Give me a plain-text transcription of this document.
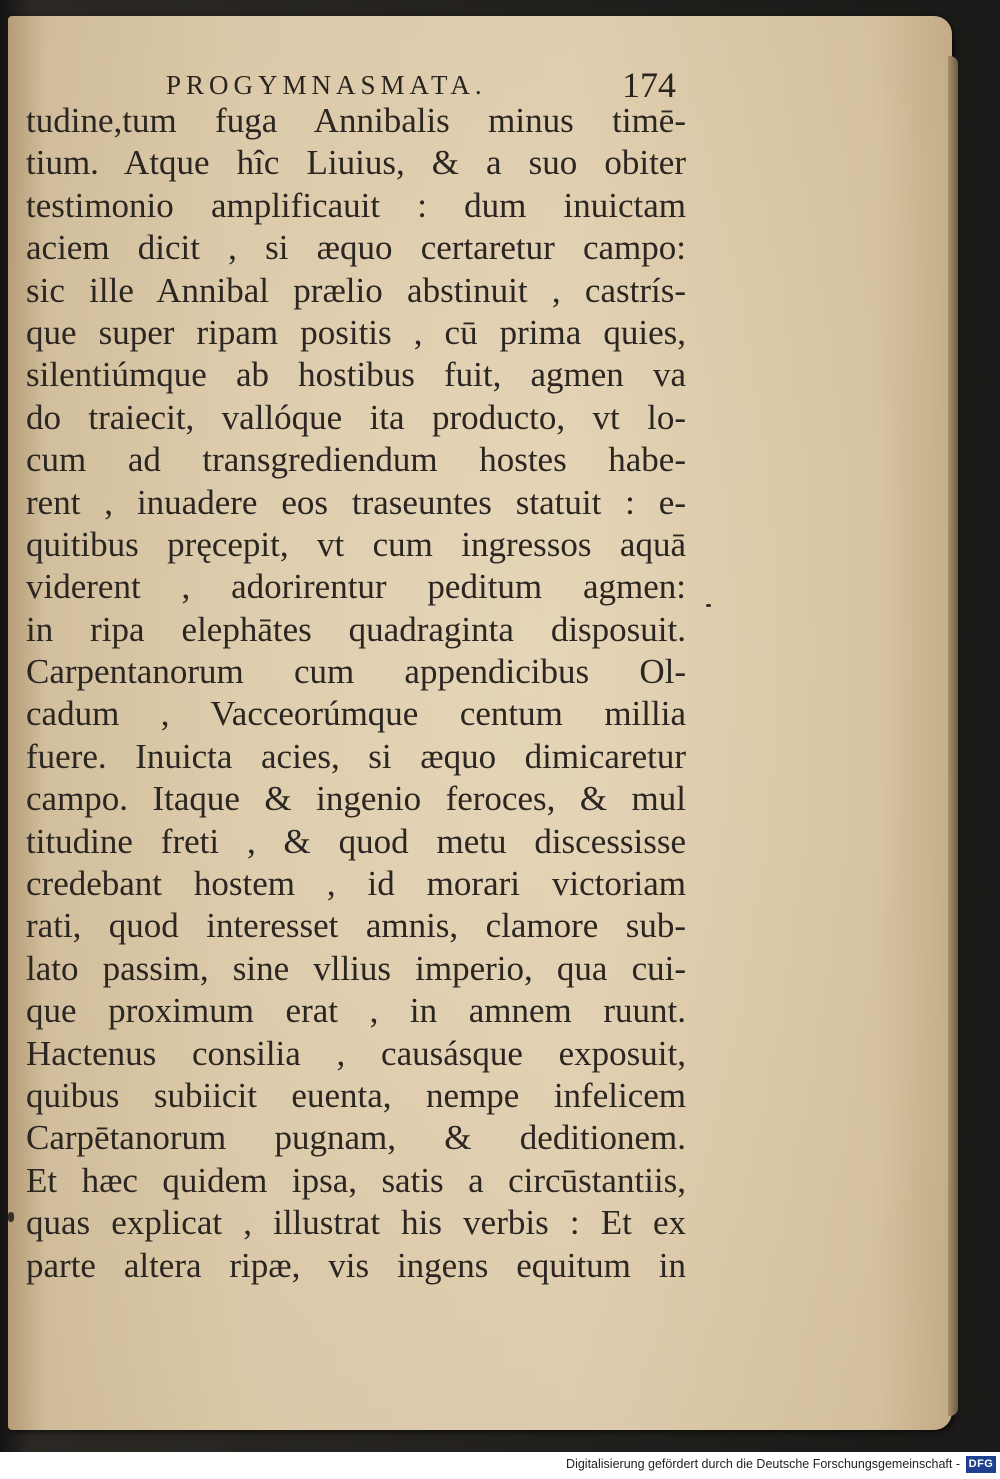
PROGYMNASMATA.	174
tudine,tum fuga Annibalis minus timē-
tium. Atque hîc Liuius, & a suo obiter
testimonio amplificauit : dum inuictam
aciem dicit , si æquo certaretur campo:
sic ille Annibal prælio abstinuit , castrís-
que super ripam positis , cū prima quies,
silentiúmque ab hostibus fuit, agmen va
do traiecit, vallóque ita producto, vt lo-
cum ad transgrediendum hostes habe-
rent , inuadere eos traseuntes statuit : e-
quitibus pręcepit, vt cum ingressos aquā
viderent , adorirentur peditum agmen:
in ripa elephātes quadraginta disposuit.
Carpentanorum cum appendicibus Ol-
cadum , Vacceorúmque centum millia
fuere. Inuicta acies, si æquo dimicaretur
campo. Itaque & ingenio feroces, & mul
titudine freti , & quod metu discessisse
credebant hostem , id morari victoriam
rati, quod interesset amnis, clamore sub-
lato passim, sine vllius imperio, qua cui-
que proximum erat , in amnem ruunt.
Hactenus consilia , causásque exposuit,
quibus subiicit euenta, nempe infelicem
Carpētanorum pugnam, & deditionem.
Et hæc quidem ipsa, satis a circūstantiis,
quas explicat , illustrat his verbis : Et ex
parte altera ripæ, vis ingens equitum in
Digitalisierung gefördert durch die Deutsche Forschungsgemeinschaft - DFG
